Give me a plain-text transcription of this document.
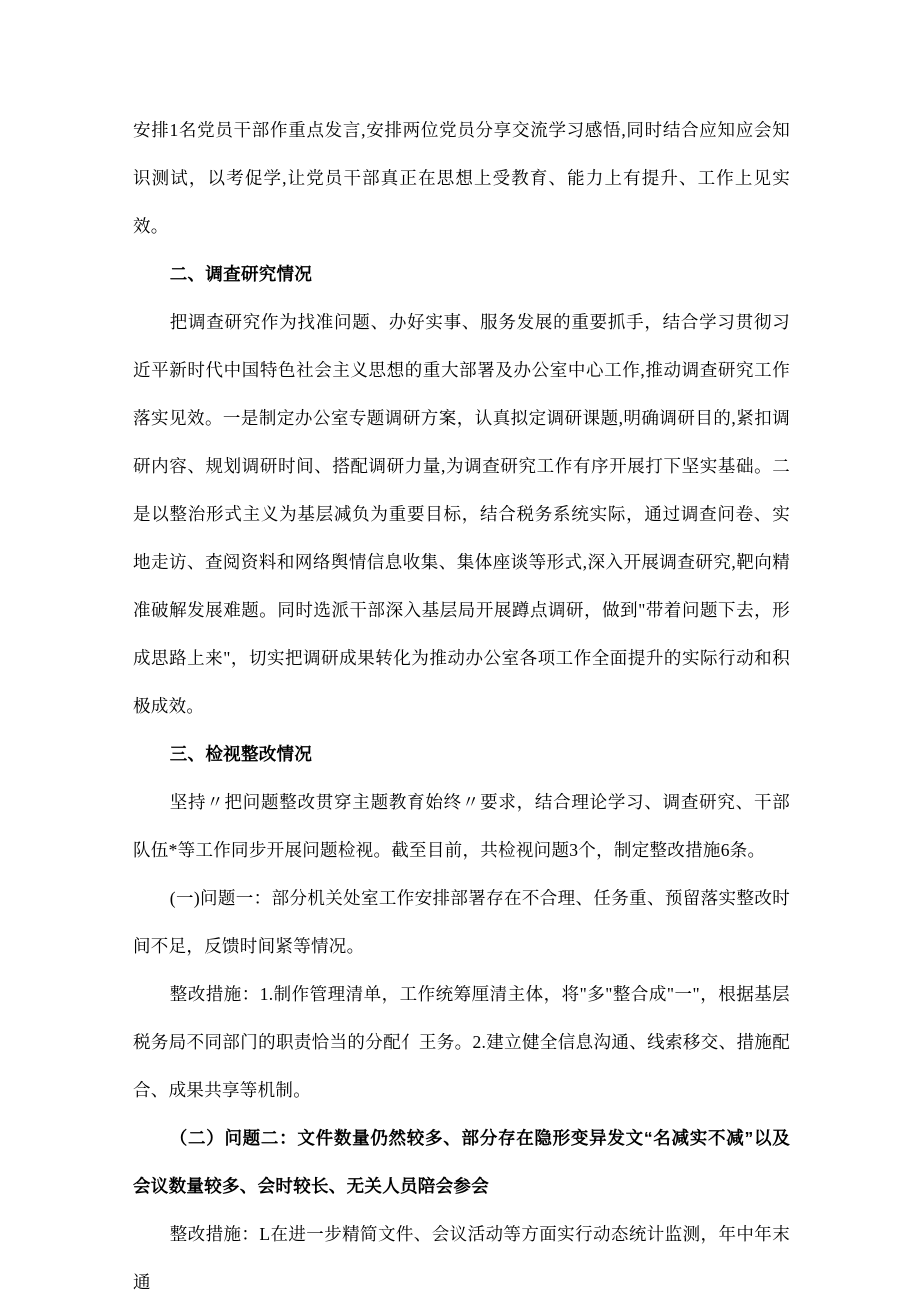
安排1名党员干部作重点发言,安排两位党员分享交流学习感悟,同时结合应知应会知识测试，以考促学,让党员干部真正在思想上受教育、能力上有提升、工作上见实效。

二、调查研究情况

把调查研究作为找准问题、办好实事、服务发展的重要抓手，结合学习贯彻习近平新时代中国特色社会主义思想的重大部署及办公室中心工作,推动调查研究工作落实见效。一是制定办公室专题调研方案，认真拟定调研课题,明确调研目的,紧扣调研内容、规划调研时间、搭配调研力量,为调查研究工作有序开展打下坚实基础。二是以整治形式主义为基层减负为重要目标，结合税务系统实际，通过调查问卷、实地走访、查阅资料和网络舆情信息收集、集体座谈等形式,深入开展调查研究,靶向精准破解发展难题。同时选派干部深入基层局开展蹲点调研，做到"带着问题下去，形成思路上来"，切实把调研成果转化为推动办公室各项工作全面提升的实际行动和积极成效。

三、检视整改情况

坚持〃把问题整改贯穿主题教育始终〃要求，结合理论学习、调查研究、干部队伍*等工作同步开展问题检视。截至目前，共检视问题3个，制定整改措施6条。

(一)问题一：部分机关处室工作安排部署存在不合理、任务重、预留落实整改时间不足，反馈时间紧等情况。

整改措施：1.制作管理清单，工作统筹厘清主体，将"多"整合成"一"，根据基层税务局不同部门的职责恰当的分配亻王务。2.建立健全信息沟通、线索移交、措施配合、成果共享等机制。

（二）问题二：文件数量仍然较多、部分存在隐形变异发文“名减实不减”以及会议数量较多、会时较长、无关人员陪会参会

整改措施：L在进一步精简文件、会议活动等方面实行动态统计监测，年中年末通
